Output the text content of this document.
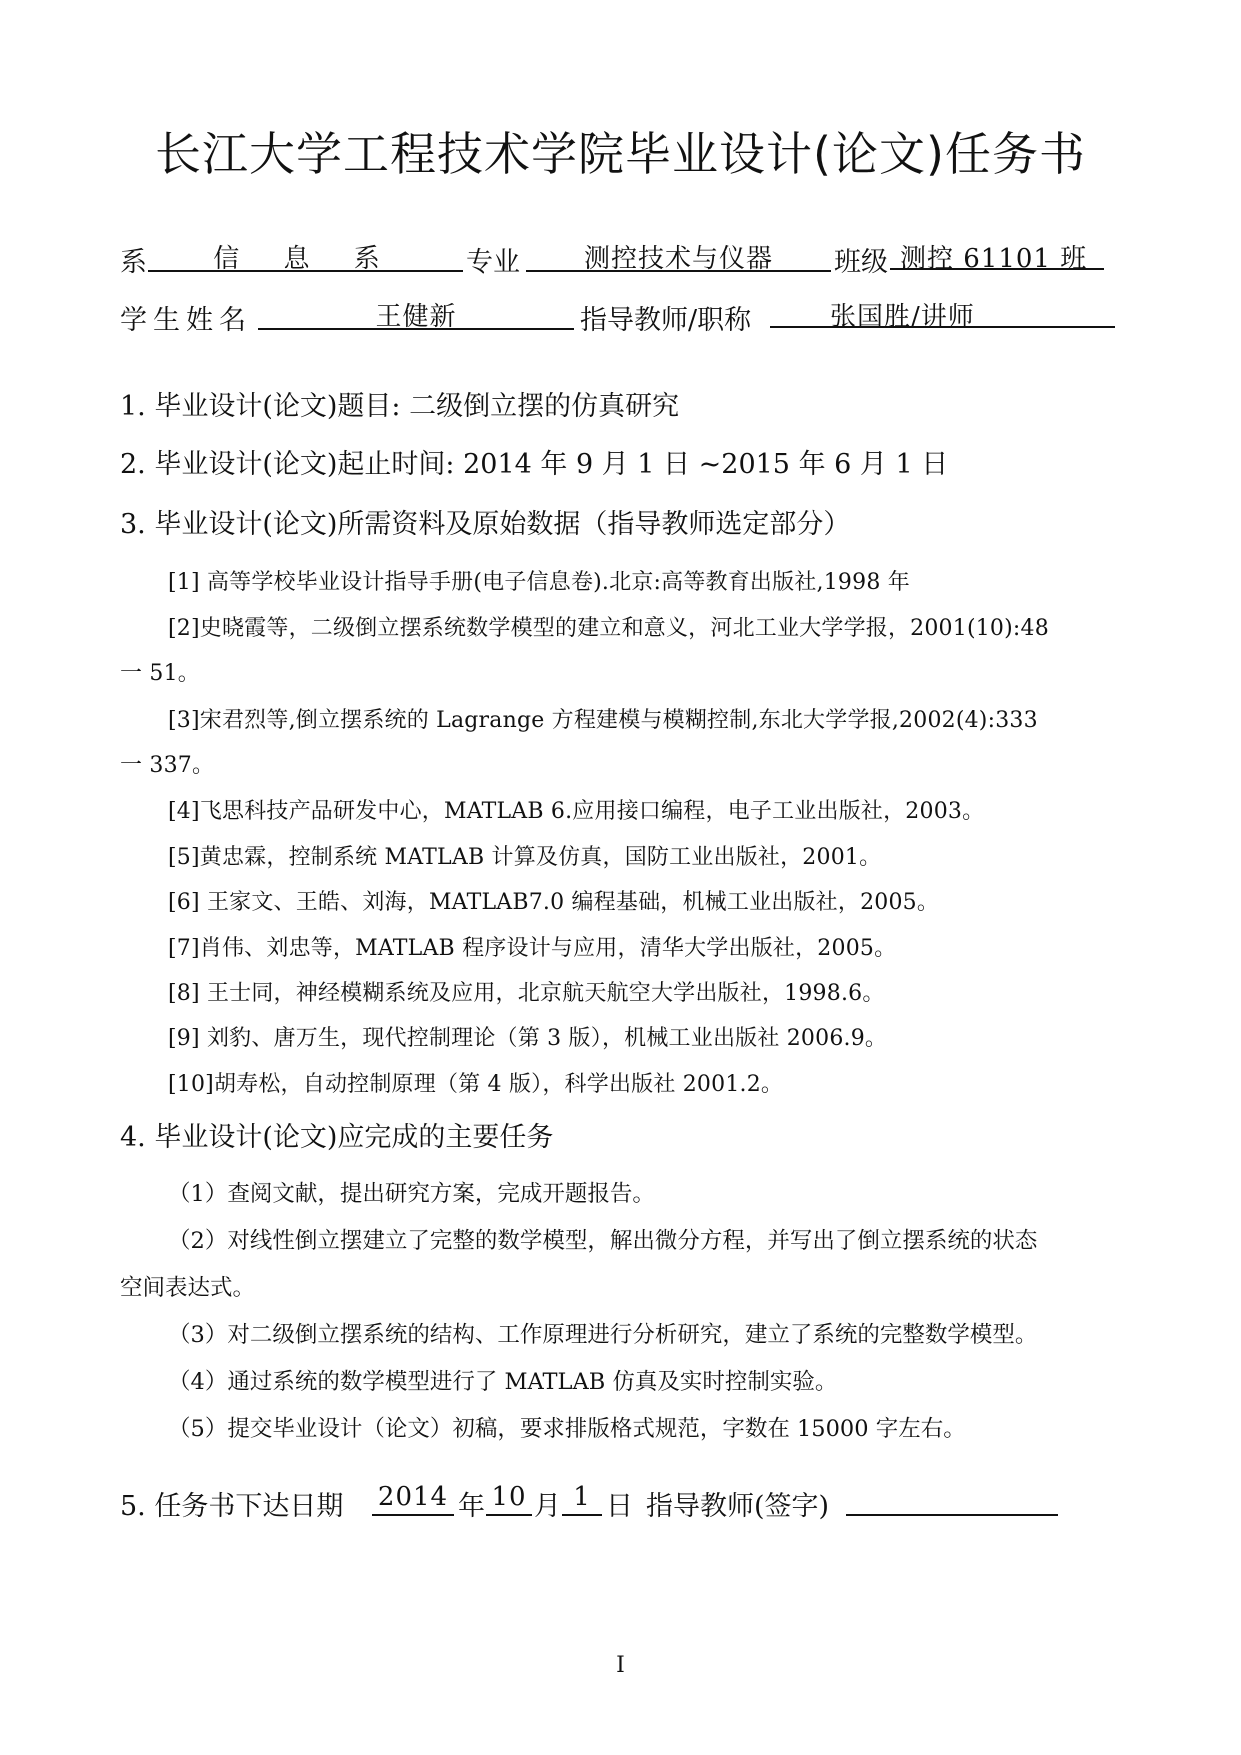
长江大学工程技术学院毕业设计(论文)任务书
系	信 息 系	专业	测控技术与仪器	班级 测控 61101 班
学生姓名	王健新	指导教师/职称	张国胜/讲师
1. 毕业设计(论文)题目: 二级倒立摆的仿真研究
2. 毕业设计(论文)起止时间: 2014 年 9 月 1 日 ~2015 年 6 月 1 日
3. 毕业设计(论文)所需资料及原始数据（指导教师选定部分）
[1] 高等学校毕业设计指导手册(电子信息卷).北京:高等教育出版社,1998 年
[2]史晓霞等，二级倒立摆系统数学模型的建立和意义，河北工业大学学报，2001(10):48
一 51。
[3]宋君烈等,倒立摆系统的 Lagrange 方程建模与模糊控制,东北大学学报,2002(4):333
一 337。
[4]飞思科技产品研发中心，MATLAB 6.应用接口编程，电子工业出版社，2003。
[5]黄忠霖，控制系统 MATLAB 计算及仿真，国防工业出版社，2001。
[6] 王家文、王皓、刘海，MATLAB7.0 编程基础，机械工业出版社，2005。
[7]肖伟、刘忠等，MATLAB 程序设计与应用，清华大学出版社，2005。
[8] 王士同，神经模糊系统及应用，北京航天航空大学出版社，1998.6。
[9] 刘豹、唐万生，现代控制理论（第 3 版），机械工业出版社 2006.9。
[10]胡寿松，自动控制原理（第 4 版），科学出版社 2001.2。
4. 毕业设计(论文)应完成的主要任务
（1）查阅文献，提出研究方案，完成开题报告。
（2）对线性倒立摆建立了完整的数学模型，解出微分方程，并写出了倒立摆系统的状态
空间表达式。
（3）对二级倒立摆系统的结构、工作原理进行分析研究，建立了系统的完整数学模型。
（4）通过系统的数学模型进行了 MATLAB 仿真及实时控制实验。
（5）提交毕业设计（论文）初稿，要求排版格式规范，字数在 15000 字左右。
5. 任务书下达日期 2014 年 10 月 1 日 指导教师(签字)
I
